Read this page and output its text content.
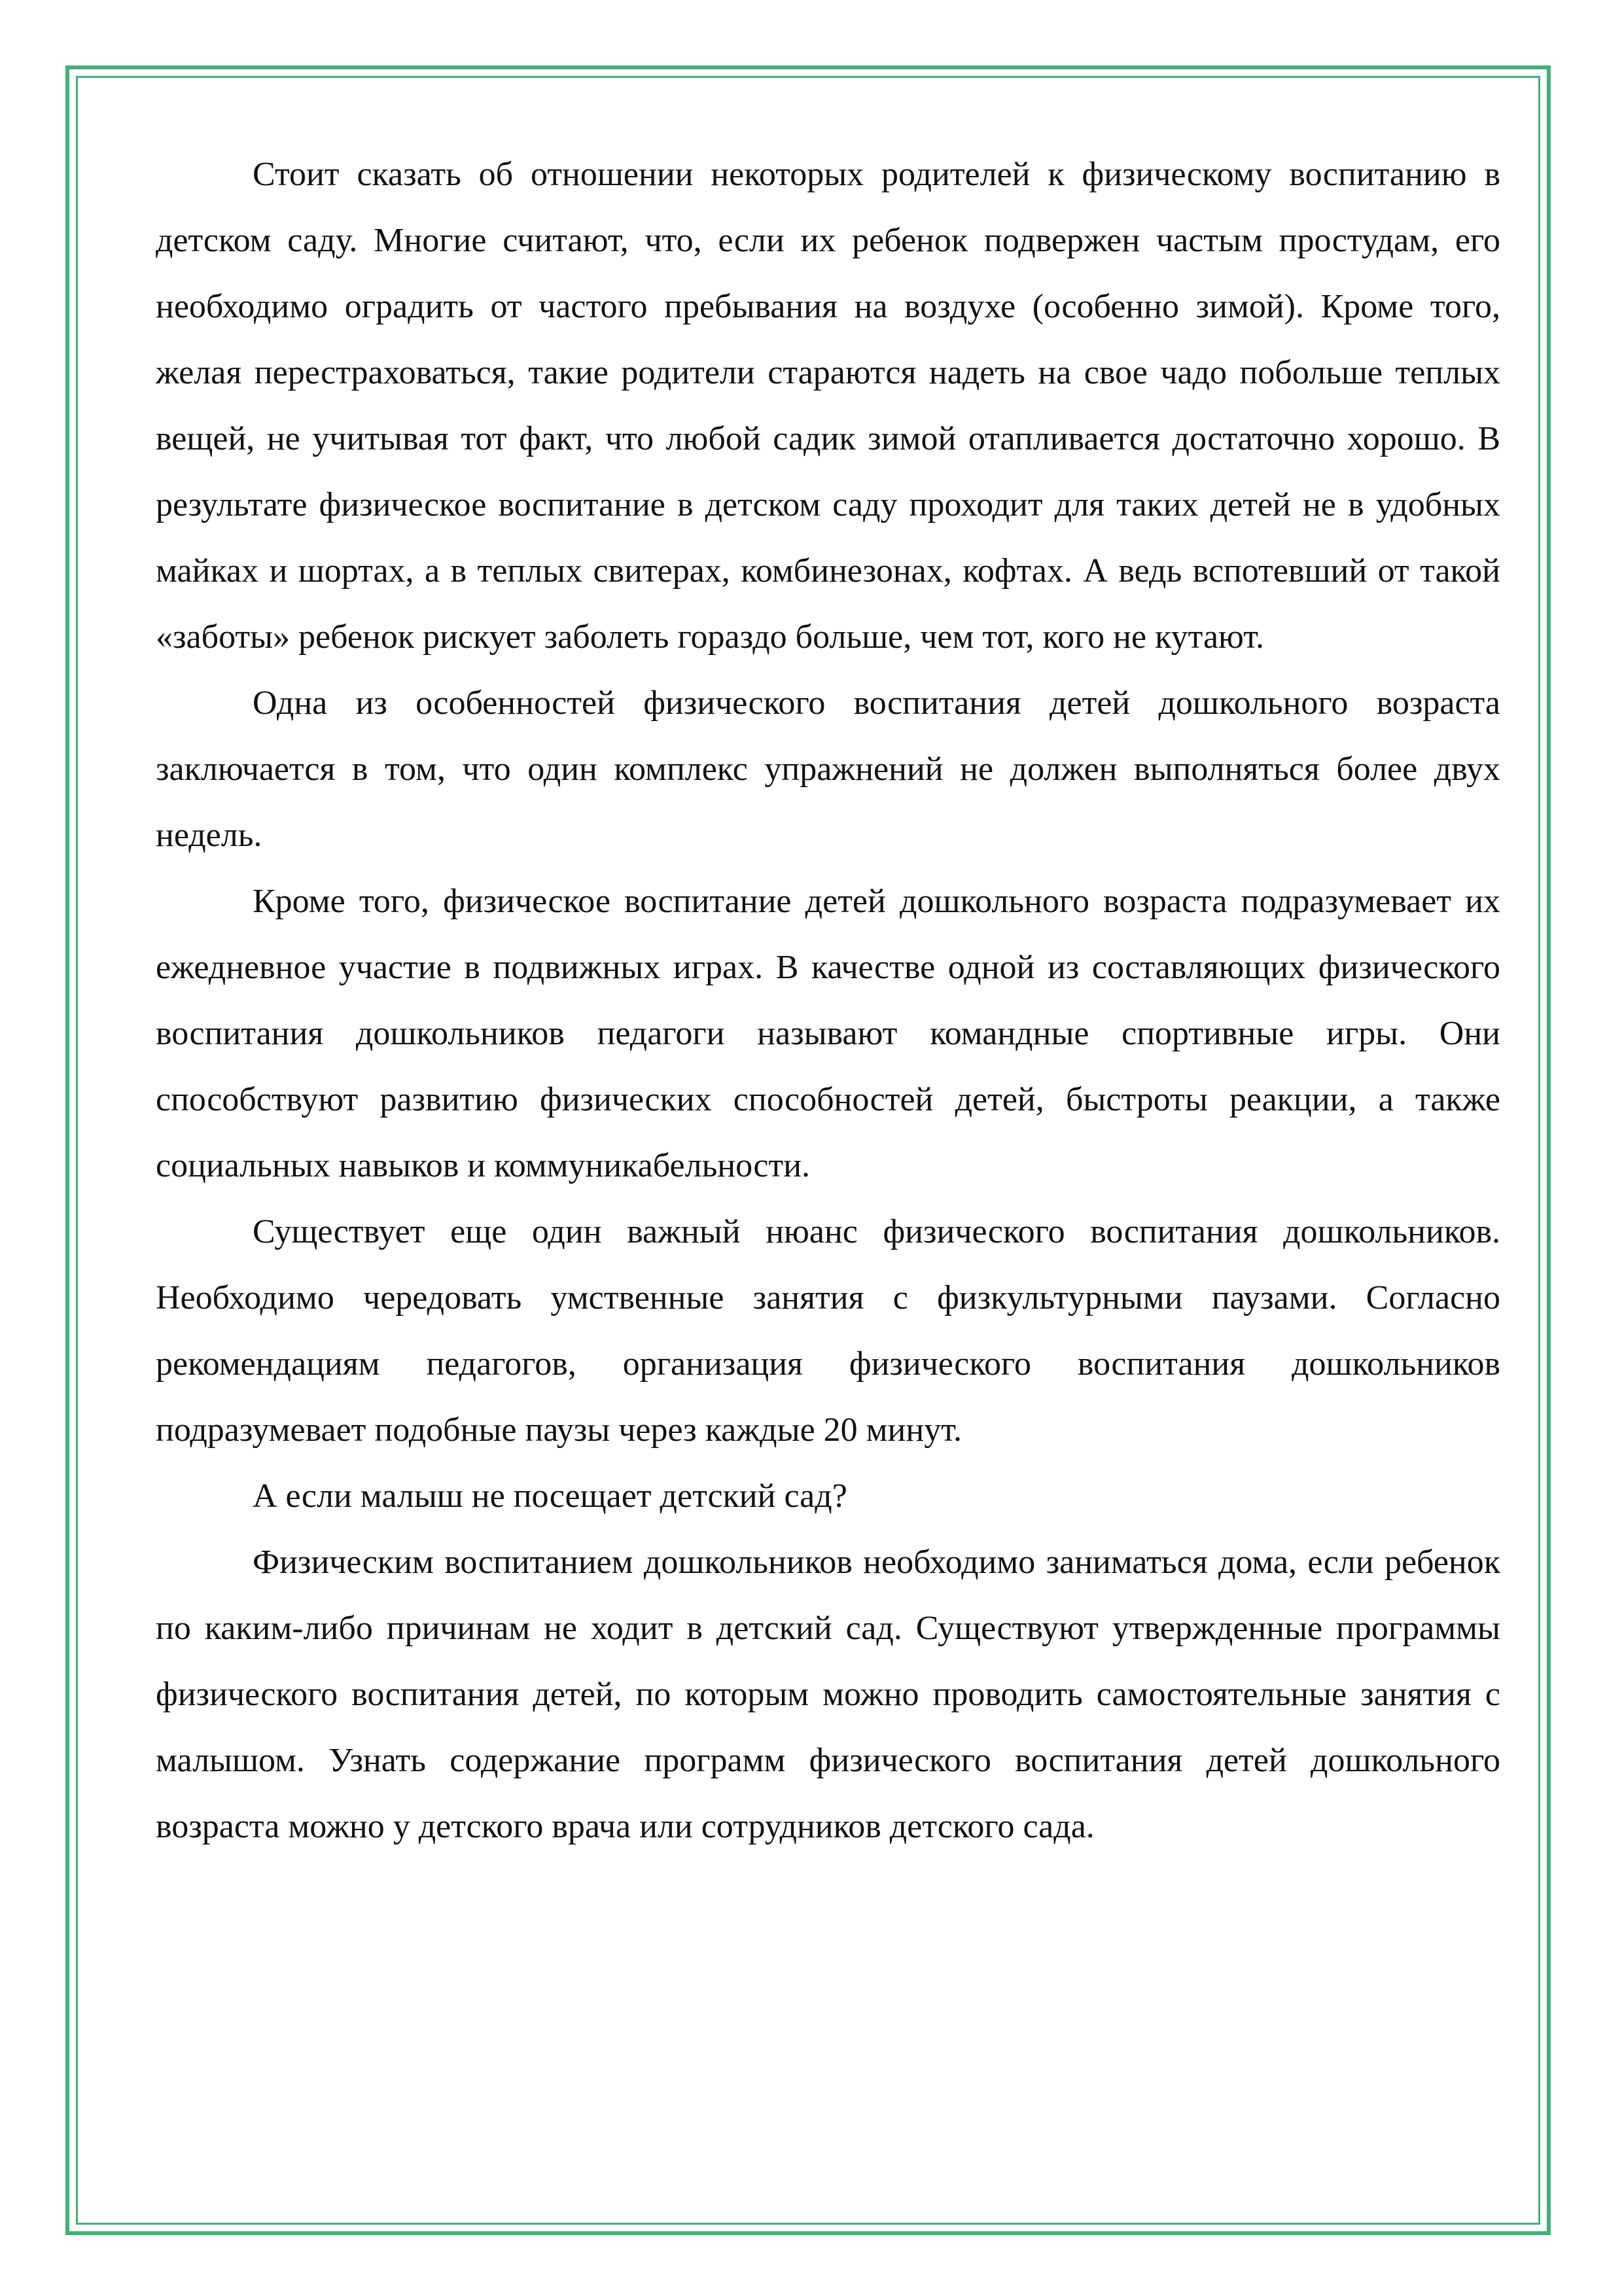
Стоит сказать об отношении некоторых родителей к физическому воспитанию в детском саду. Многие считают, что, если их ребенок подвержен частым простудам, его необходимо оградить от частого пребывания на воздухе (особенно зимой). Кроме того, желая перестраховаться, такие родители стараются надеть на свое чадо побольше теплых вещей, не учитывая тот факт, что любой садик зимой отапливается достаточно хорошо. В результате физическое воспитание в детском саду проходит для таких детей не в удобных майках и шортах, а в теплых свитерах, комбинезонах, кофтах. А ведь вспотевший от такой «заботы» ребенок рискует заболеть гораздо больше, чем тот, кого не кутают.

Одна из особенностей физического воспитания детей дошкольного возраста заключается в том, что один комплекс упражнений не должен выполняться более двух недель.

Кроме того, физическое воспитание детей дошкольного возраста подразумевает их ежедневное участие в подвижных играх. В качестве одной из составляющих физического воспитания дошкольников педагоги называют командные спортивные игры. Они способствуют развитию физических способностей детей, быстроты реакции, а также социальных навыков и коммуникабельности.

Существует еще один важный нюанс физического воспитания дошкольников. Необходимо чередовать умственные занятия с физкультурными паузами. Согласно рекомендациям педагогов, организация физического воспитания дошкольников подразумевает подобные паузы через каждые 20 минут.

А если малыш не посещает детский сад?

Физическим воспитанием дошкольников необходимо заниматься дома, если ребенок по каким-либо причинам не ходит в детский сад. Существуют утвержденные программы физического воспитания детей, по которым можно проводить самостоятельные занятия с малышом. Узнать содержание программ физического воспитания детей дошкольного возраста можно у детского врача или сотрудников детского сада.
